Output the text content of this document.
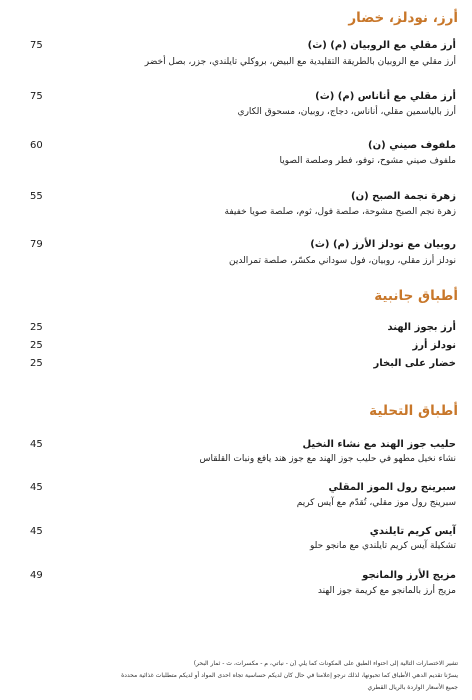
أرز، نودلز، خضار
أرز مقلي مع الروبيان (م) (ث)
75
أرز مقلي مع الروبيان بالطريقة التقليدية مع البيض، بروكلي تايلندي، جزر، بصل أخضر
أرز مقلي مع أناناس (م) (ث)
75
أرز بالياسمين مقلي، أناناس، دجاج، روبيان، مسحوق الكاري
ملفوف صيني (ن)
60
ملفوف صيني مشوح، توفو، فطر وصلصة الصويا
زهرة نجمة الصبح (ن)
55
زهرة نجم الصبح مشوحة، صلصة فول، ثوم، صلصة صويا خفيفة
روبيان مع نودلز الأرز (م) (ث)
79
نودلز أرز مقلي، روبيان، فول سوداني مكسّر، صلصة تمرالدين
أطباق جانبية
أرز بجوز الهند
25
نودلز أرز
25
خضار على البخار
25
أطباق التحلية
حليب جوز الهند مع نشاء النخيل
45
نشاء نخيل مطهو في حليب جوز الهند مع جوز هند يافع ونبات القلقاس
سبرينج رول الموز المقلي
45
سبرينج رول موز مقلي، تُقدّم مع آيس كريم
آيس كريم تايلندي
45
تشكيلة آيس كريم تايلندي مع مانجو حلو
مزيج الأرز والمانجو
49
مزيج أرز بالمانجو مع كريمة جوز الهند
تشير الاختصارات التالية إلى احتواء الطبق على المكونات كما يلي (ن - نباتي، م - مكسرات، ث - ثمار البحر)
يسرّنا تقديم الدهي الأطباق كما تحبونها، لذلك نرجو إعلامنا في حال كان لديكم حساسية تجاه احدى المواد أو لديكم متطلبات غذائية محددة
جميع الأسعار الواردة بالريال القطري
